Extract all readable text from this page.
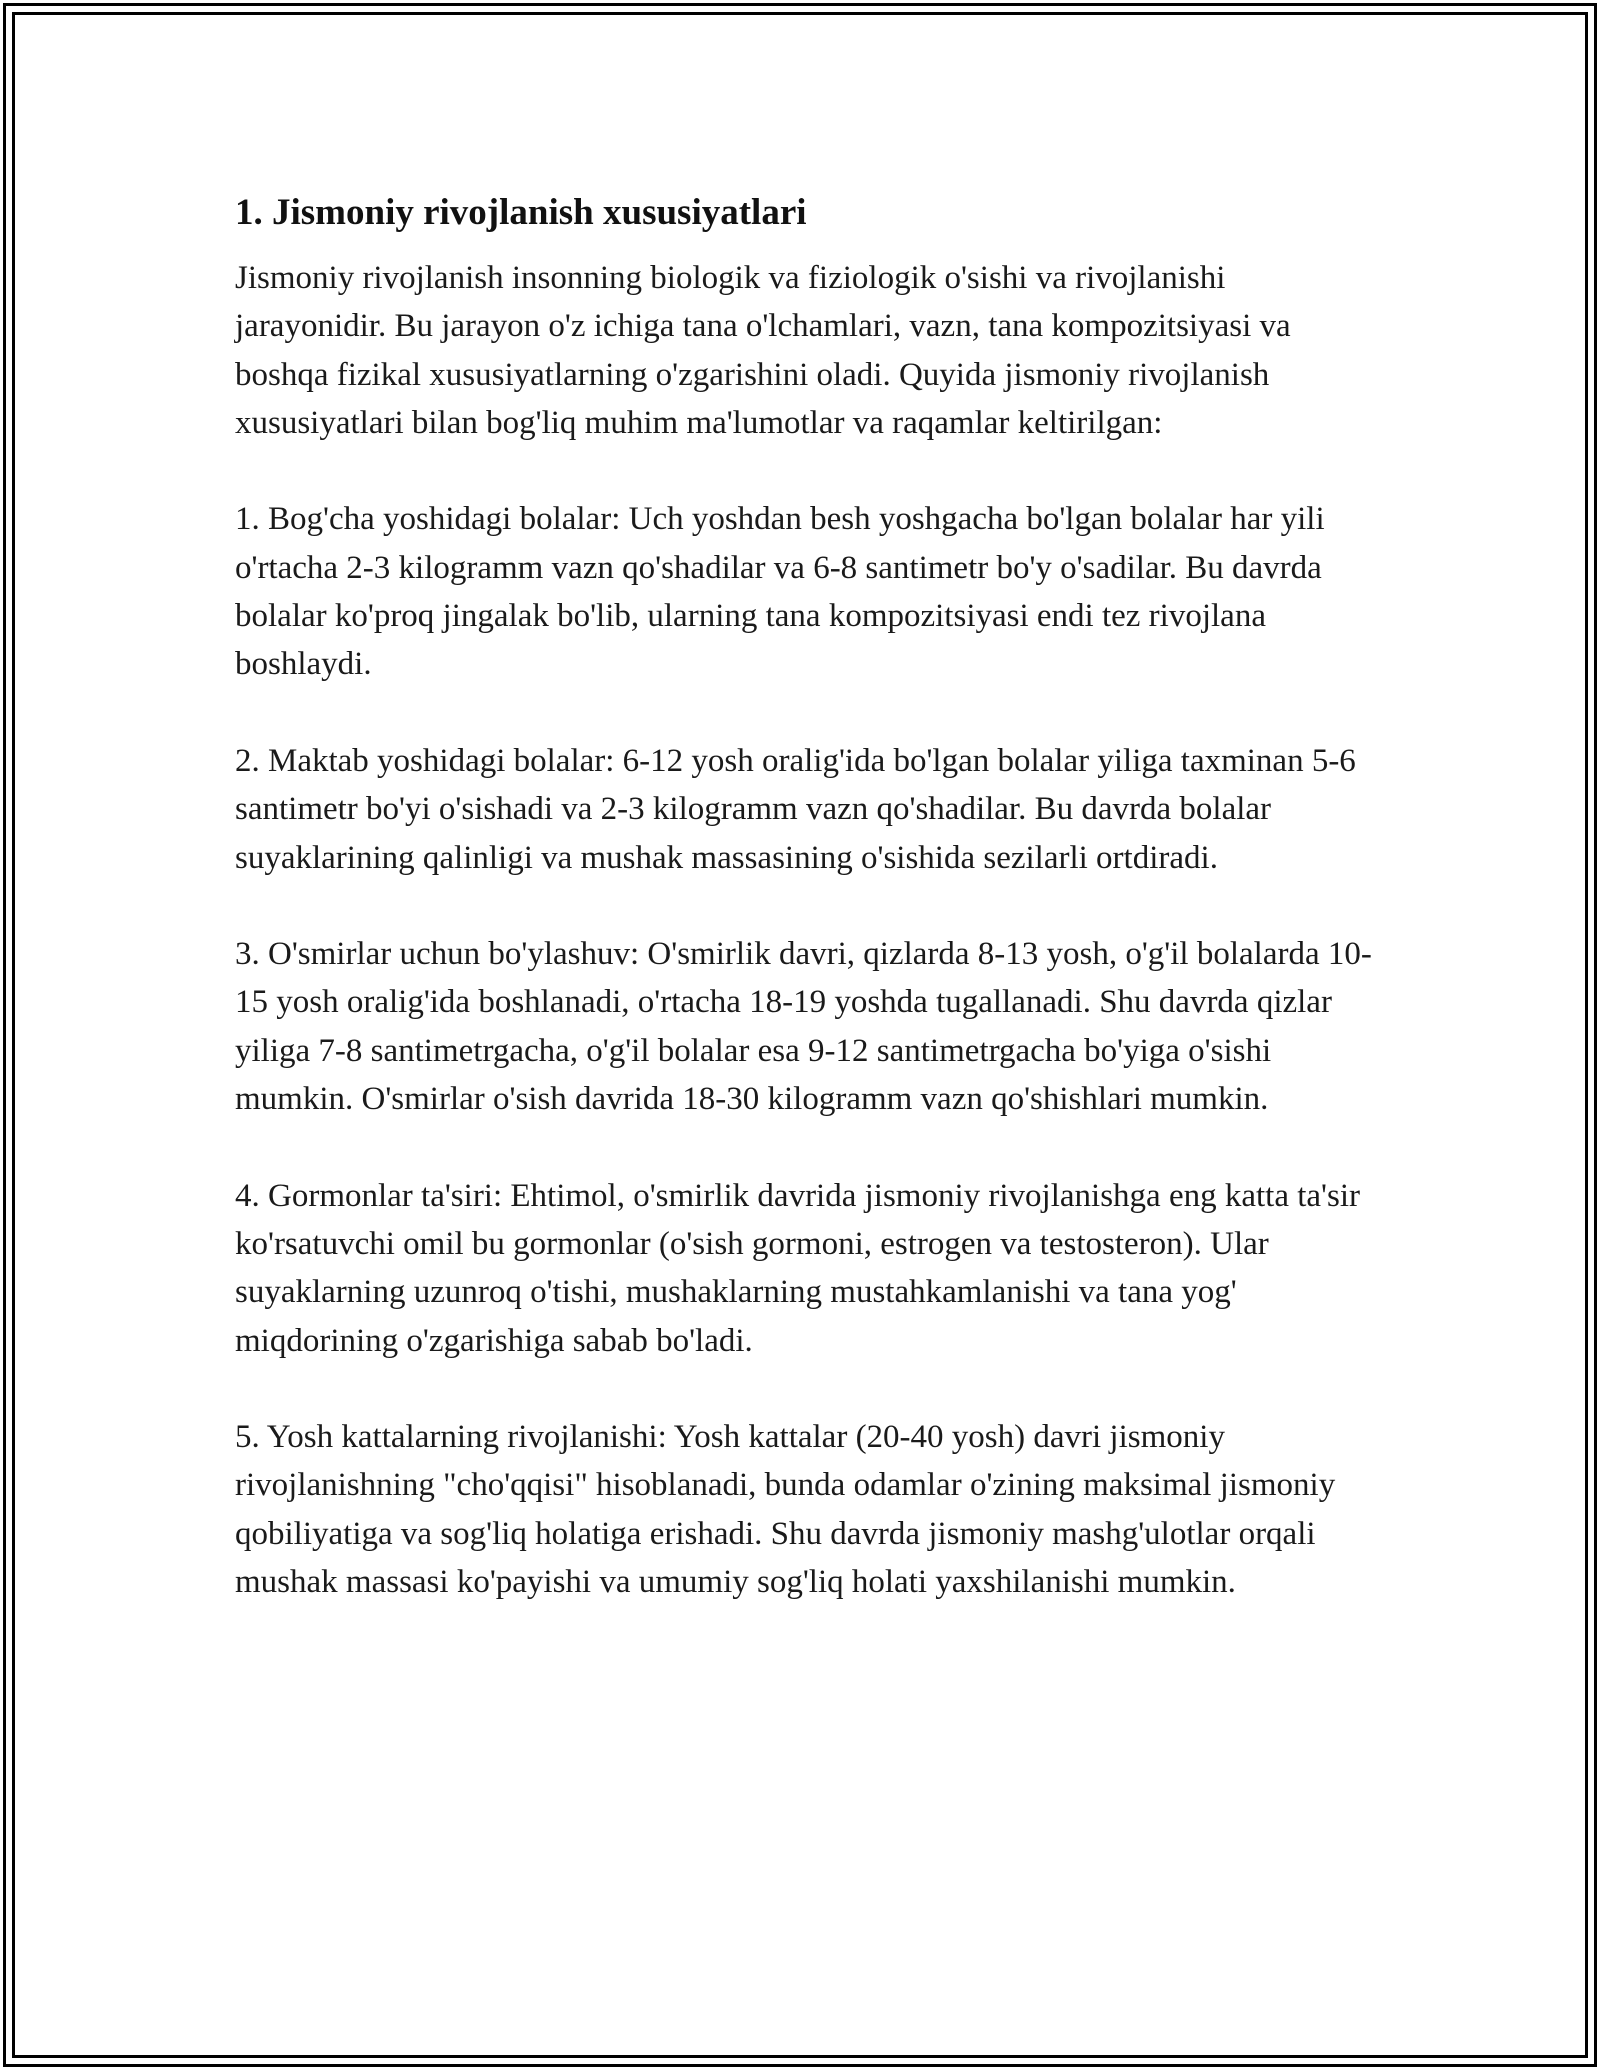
1. Jismoniy rivojlanish xususiyatlari

Jismoniy rivojlanish insonning biologik va fiziologik o'sishi va rivojlanishi jarayonidir. Bu jarayon o'z ichiga tana o'lchamlari, vazn, tana kompozitsiyasi va boshqa fizikal xususiyatlarning o'zgarishini oladi. Quyida jismoniy rivojlanish xususiyatlari bilan bog'liq muhim ma'lumotlar va raqamlar keltirilgan:

1. Bog'cha yoshidagi bolalar: Uch yoshdan besh yoshgacha bo'lgan bolalar har yili o'rtacha 2-3 kilogramm vazn qo'shadilar va 6-8 santimetr bo'y o'sadilar. Bu davrda bolalar ko'proq jingalak bo'lib, ularning tana kompozitsiyasi endi tez rivojlana boshlaydi.

2. Maktab yoshidagi bolalar: 6-12 yosh oralig'ida bo'lgan bolalar yiliga taxminan 5-6 santimetr bo'yi o'sishadi va 2-3 kilogramm vazn qo'shadilar. Bu davrda bolalar suyaklarining qalinligi va mushak massasining o'sishida sezilarli ortdiradi.

3. O'smirlar uchun bo'ylashuv: O'smirlik davri, qizlarda 8-13 yosh, o'g'il bolalarda 10-15 yosh oralig'ida boshlanadi, o'rtacha 18-19 yoshda tugallanadi. Shu davrda qizlar yiliga 7-8 santimetrgacha, o'g'il bolalar esa 9-12 santimetrgacha bo'yiga o'sishi mumkin. O'smirlar o'sish davrida 18-30 kilogramm vazn qo'shishlari mumkin.

4. Gormonlar ta'siri: Ehtimol, o'smirlik davrida jismoniy rivojlanishga eng katta ta'sir ko'rsatuvchi omil bu gormonlar (o'sish gormoni, estrogen va testosteron). Ular suyaklarning uzunroq o'tishi, mushaklarning mustahkamlanishi va tana yog' miqdorining o'zgarishiga sabab bo'ladi.

5. Yosh kattalarning rivojlanishi: Yosh kattalar (20-40 yosh) davri jismoniy rivojlanishning "cho'qqisi" hisoblanadi, bunda odamlar o'zining maksimal jismoniy qobiliyatiga va sog'liq holatiga erishadi. Shu davrda jismoniy mashg'ulotlar orqali mushak massasi ko'payishi va umumiy sog'liq holati yaxshilanishi mumkin.
